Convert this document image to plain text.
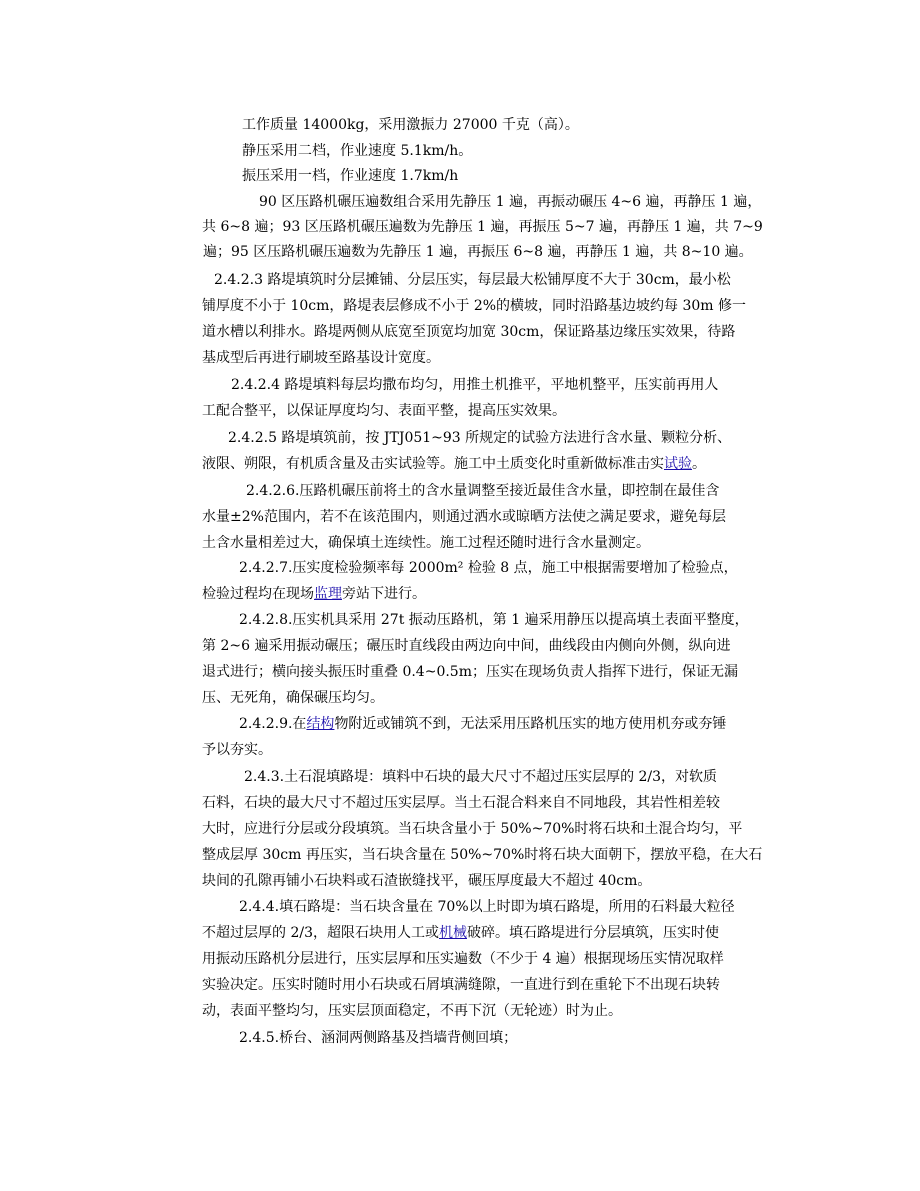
工作质量 14000kg，采用激振力 27000 千克（高）。
静压采用二档，作业速度 5.1km/h。
振压采用一档，作业速度 1.7km/h
90 区压路机碾压遍数组合采用先静压 1 遍，再振动碾压 4~6 遍，再静压 1 遍，
共 6~8 遍；93 区压路机碾压遍数为先静压 1 遍，再振压 5~7 遍，再静压 1 遍，共 7~9
遍；95 区压路机碾压遍数为先静压 1 遍，再振压 6~8 遍，再静压 1 遍，共 8~10 遍。
2.4.2.3 路堤填筑时分层摊铺、分层压实，每层最大松铺厚度不大于 30cm，最小松
铺厚度不小于 10cm，路堤表层修成不小于 2%的横坡，同时沿路基边坡约每 30m 修一
道水槽以利排水。路堤两侧从底宽至顶宽均加宽 30cm，保证路基边缘压实效果，待路
基成型后再进行刷坡至路基设计宽度。
2.4.2.4 路堤填料每层均撒布均匀，用推土机推平，平地机整平，压实前再用人
工配合整平，以保证厚度均匀、表面平整，提高压实效果。
2.4.2.5 路堤填筑前，按 JTJ051~93 所规定的试验方法进行含水量、颗粒分析、
液限、朔限，有机质含量及击实试验等。施工中土质变化时重新做标准击实试验。
2.4.2.6.压路机碾压前将土的含水量调整至接近最佳含水量，即控制在最佳含
水量±2%范围内，若不在该范围内，则通过洒水或晾晒方法使之满足要求，避免每层
土含水量相差过大，确保填土连续性。施工过程还随时进行含水量测定。
2.4.2.7.压实度检验频率每 2000m² 检验 8 点，施工中根据需要增加了检验点，
检验过程均在现场监理旁站下进行。
2.4.2.8.压实机具采用 27t 振动压路机，第 1 遍采用静压以提高填土表面平整度，
第 2~6 遍采用振动碾压；碾压时直线段由两边向中间，曲线段由内侧向外侧，纵向进
退式进行；横向接头振压时重叠 0.4~0.5m；压实在现场负责人指挥下进行，保证无漏
压、无死角，确保碾压均匀。
2.4.2.9.在结构物附近或铺筑不到，无法采用压路机压实的地方使用机夯或夯锤
予以夯实。
2.4.3.土石混填路堤：填料中石块的最大尺寸不超过压实层厚的 2/3，对软质
石料，石块的最大尺寸不超过压实层厚。当土石混合料来自不同地段，其岩性相差较
大时，应进行分层或分段填筑。当石块含量小于 50%~70%时将石块和土混合均匀，平
整成层厚 30cm 再压实，当石块含量在 50%~70%时将石块大面朝下，摆放平稳，在大石
块间的孔隙再铺小石块料或石渣嵌缝找平，碾压厚度最大不超过 40cm。
2.4.4.填石路堤：当石块含量在 70%以上时即为填石路堤，所用的石料最大粒径
不超过层厚的 2/3，超限石块用人工或机械破碎。填石路堤进行分层填筑，压实时使
用振动压路机分层进行，压实层厚和压实遍数（不少于 4 遍）根据现场压实情况取样
实验决定。压实时随时用小石块或石屑填满缝隙，一直进行到在重轮下不出现石块转
动，表面平整均匀，压实层顶面稳定，不再下沉（无轮迹）时为止。
2.4.5.桥台、涵洞两侧路基及挡墙背侧回填；
